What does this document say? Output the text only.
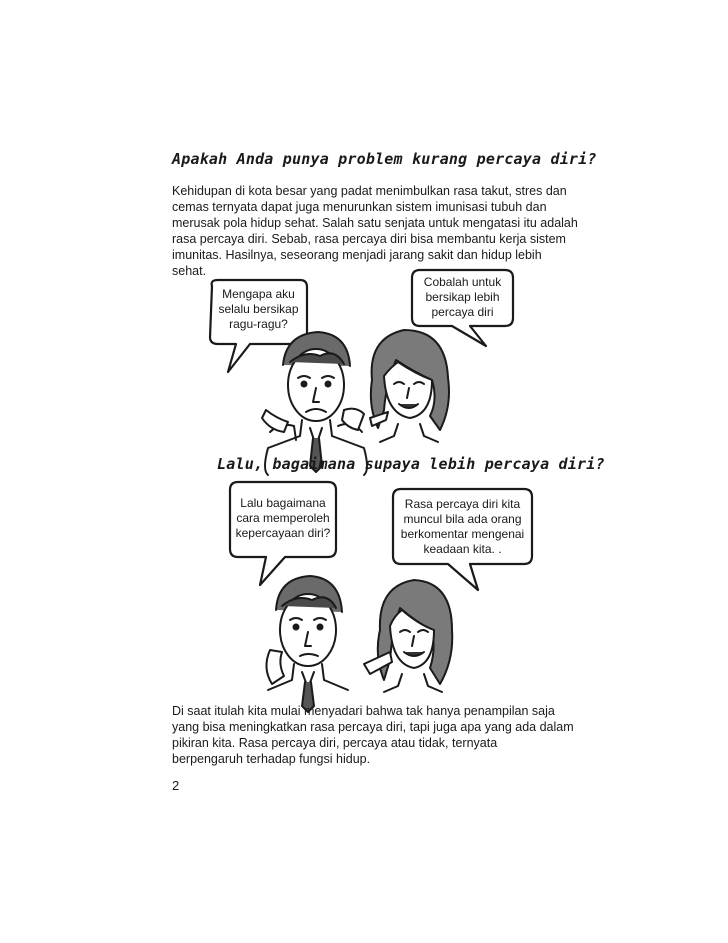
Apakah Anda punya problem kurang percaya diri?

Kehidupan di kota besar yang padat menimbulkan rasa takut, stres dan
cemas ternyata dapat juga menurunkan sistem imunisasi tubuh dan
merusak pola hidup sehat. Salah satu senjata untuk mengatasi itu adalah
rasa percaya diri. Sebab, rasa percaya diri bisa membantu kerja sistem
imunitas. Hasilnya, seseorang menjadi jarang sakit dan hidup lebih
sehat.

Mengapa aku
selalu bersikap
ragu-ragu?

Cobalah untuk
bersikap lebih
percaya diri

Lalu, bagaimana supaya lebih percaya diri?

Lalu bagaimana
cara memperoleh
kepercayaan diri?

Rasa percaya diri kita
muncul bila ada orang
berkomentar mengenai
keadaan kita. .

Di saat itulah kita mulai menyadari bahwa tak hanya penampilan saja
yang bisa meningkatkan rasa percaya diri, tapi juga apa yang ada dalam
pikiran kita. Rasa percaya diri, percaya atau tidak, ternyata
berpengaruh terhadap fungsi hidup.

2
